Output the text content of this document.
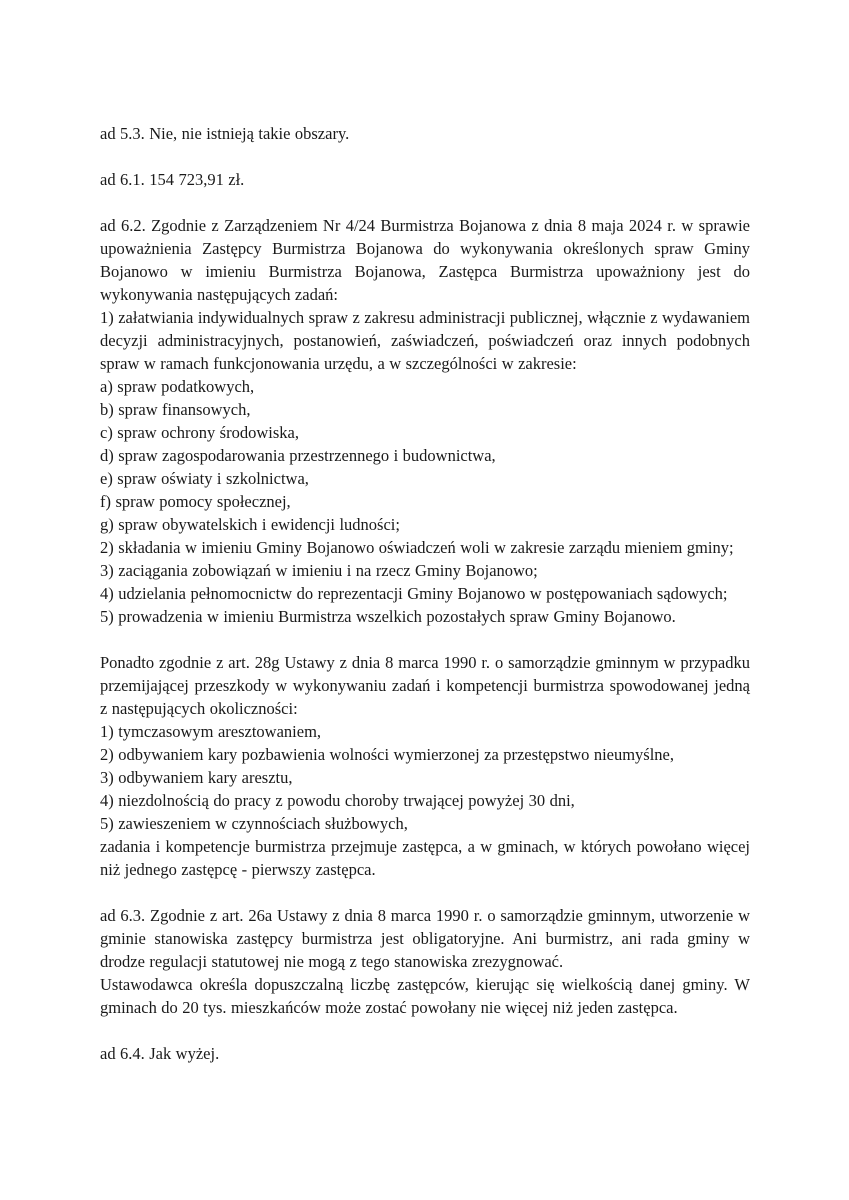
ad 5.3. Nie, nie istnieją takie obszary.

ad 6.1. 154 723,91 zł.

ad 6.2. Zgodnie z Zarządzeniem Nr 4/24 Burmistrza Bojanowa z dnia 8 maja 2024 r. w sprawie upoważnienia Zastępcy Burmistrza Bojanowa do wykonywania określonych spraw Gminy Bojanowo w imieniu Burmistrza Bojanowa, Zastępca Burmistrza upoważniony jest do wykonywania następujących zadań:

1) załatwiania indywidualnych spraw z zakresu administracji publicznej, włącznie z wydawaniem decyzji administracyjnych, postanowień, zaświadczeń, poświadczeń oraz innych podobnych spraw w ramach funkcjonowania urzędu, a w szczególności w zakresie:

a) spraw podatkowych,

b) spraw finansowych,

c) spraw ochrony środowiska,

d) spraw zagospodarowania przestrzennego i budownictwa,

e) spraw oświaty i szkolnictwa,

f) spraw pomocy społecznej,

g) spraw obywatelskich i ewidencji ludności;

2) składania w imieniu Gminy Bojanowo oświadczeń woli w zakresie zarządu mieniem gminy;

3) zaciągania zobowiązań w imieniu i na rzecz Gminy Bojanowo;

4) udzielania pełnomocnictw do reprezentacji Gminy Bojanowo w postępowaniach sądowych;

5) prowadzenia w imieniu Burmistrza wszelkich pozostałych spraw Gminy Bojanowo.

Ponadto zgodnie z art. 28g Ustawy z dnia 8 marca 1990 r. o samorządzie gminnym w przypadku przemijającej przeszkody w wykonywaniu zadań i kompetencji burmistrza spowodowanej jedną z następujących okoliczności:

1) tymczasowym aresztowaniem,

2) odbywaniem kary pozbawienia wolności wymierzonej za przestępstwo nieumyślne,

3) odbywaniem kary aresztu,

4) niezdolnością do pracy z powodu choroby trwającej powyżej 30 dni,

5) zawieszeniem w czynnościach służbowych,

zadania i kompetencje burmistrza przejmuje zastępca, a w gminach, w których powołano więcej niż jednego zastępcę - pierwszy zastępca.

ad 6.3. Zgodnie z art. 26a Ustawy z dnia 8 marca 1990 r. o samorządzie gminnym, utworzenie w gminie stanowiska zastępcy burmistrza jest obligatoryjne. Ani burmistrz, ani rada gminy w drodze regulacji statutowej nie mogą z tego stanowiska zrezygnować.

Ustawodawca określa dopuszczalną liczbę zastępców, kierując się wielkością danej gminy. W gminach do 20 tys. mieszkańców może zostać powołany nie więcej niż jeden zastępca.

ad 6.4. Jak wyżej.
